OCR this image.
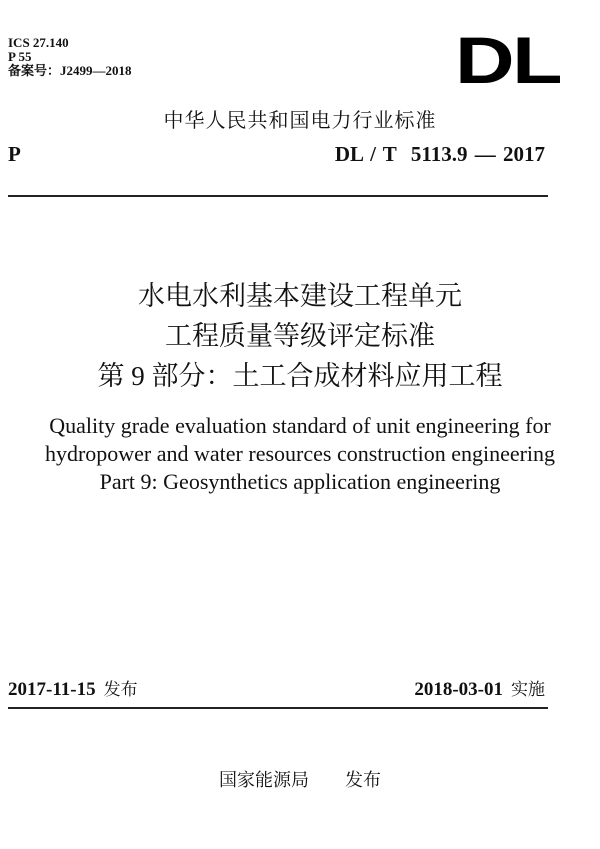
ICS 27.140
P 55
备案号：J2499—2018	DL
中华人民共和国电力行业标准
P	DL / T  5113.9 — 2017
水电水利基本建设工程单元
工程质量等级评定标准
第 9 部分：土工合成材料应用工程
Quality grade evaluation standard of unit engineering for
hydropower and water resources construction engineering
Part 9: Geosynthetics application engineering
2017-11-15 发布	2018-03-01 实施
国家能源局 发布
